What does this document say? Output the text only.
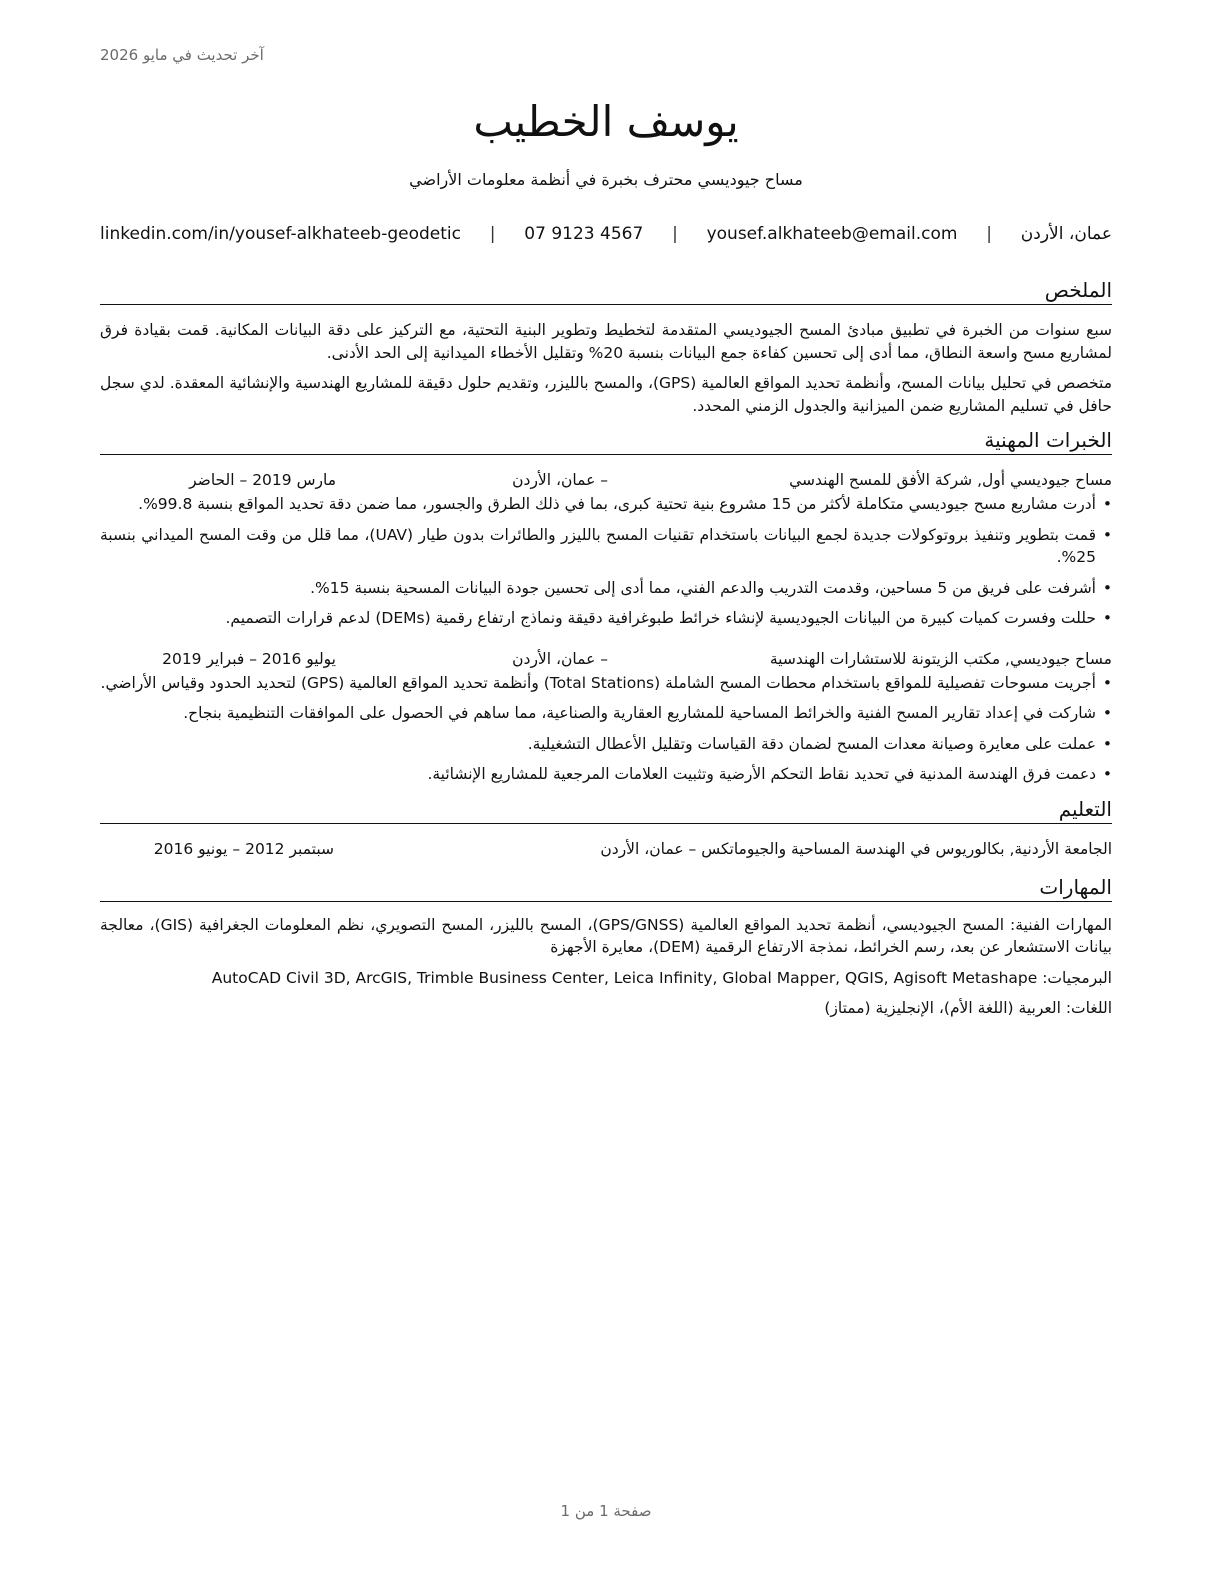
آخر تحديث في مايو 2026
يوسف الخطيب
مساح جيوديسي محترف بخبرة في أنظمة معلومات الأراضي
عمان، الأردن
|
yousef.alkhateeb@email.com
|
07 9123 4567
|
linkedin.com/in/yousef-alkhateeb-geodetic
الملخص

سبع سنوات من الخبرة في تطبيق مبادئ المسح الجيوديسي المتقدمة لتخطيط وتطوير البنية التحتية، مع التركيز على دقة البيانات المكانية. قمت بقيادة فرق لمشاريع مسح واسعة النطاق، مما أدى إلى تحسين كفاءة جمع البيانات بنسبة 20% وتقليل الأخطاء الميدانية إلى الحد الأدنى.

متخصص في تحليل بيانات المسح، وأنظمة تحديد المواقع العالمية (GPS)، والمسح بالليزر، وتقديم حلول دقيقة للمشاريع الهندسية والإنشائية المعقدة. لدي سجل حافل في تسليم المشاريع ضمن الميزانية والجدول الزمني المحدد.

الخبرات المهنية
مساح جيوديسي أول, شركة الأفق للمسح الهندسي
– عمان، الأردن
مارس 2019 – الحاضر
• أدرت مشاريع مسح جيوديسي متكاملة لأكثر من 15 مشروع بنية تحتية كبرى، بما في ذلك الطرق والجسور، مما ضمن دقة تحديد المواقع بنسبة 99.8%.
• قمت بتطوير وتنفيذ بروتوكولات جديدة لجمع البيانات باستخدام تقنيات المسح بالليزر والطائرات بدون طيار (UAV)، مما قلل من وقت المسح الميداني بنسبة 25%.
• أشرفت على فريق من 5 مساحين، وقدمت التدريب والدعم الفني، مما أدى إلى تحسين جودة البيانات المسحية بنسبة 15%.
• حللت وفسرت كميات كبيرة من البيانات الجيوديسية لإنشاء خرائط طبوغرافية دقيقة ونماذج ارتفاع رقمية (DEMs) لدعم قرارات التصميم.
مساح جيوديسي, مكتب الزيتونة للاستشارات الهندسية
– عمان، الأردن
يوليو 2016 – فبراير 2019
• أجريت مسوحات تفصيلية للمواقع باستخدام محطات المسح الشاملة (Total Stations) وأنظمة تحديد المواقع العالمية (GPS) لتحديد الحدود وقياس الأراضي.
• شاركت في إعداد تقارير المسح الفنية والخرائط المساحية للمشاريع العقارية والصناعية، مما ساهم في الحصول على الموافقات التنظيمية بنجاح.
• عملت على معايرة وصيانة معدات المسح لضمان دقة القياسات وتقليل الأعطال التشغيلية.
• دعمت فرق الهندسة المدنية في تحديد نقاط التحكم الأرضية وتثبيت العلامات المرجعية للمشاريع الإنشائية.
التعليم
الجامعة الأردنية, بكالوريوس في الهندسة المساحية والجيوماتكس – عمان، الأردن
سبتمبر 2012 – يونيو 2016
المهارات
المهارات الفنية: المسح الجيوديسي، أنظمة تحديد المواقع العالمية (GPS/GNSS)، المسح بالليزر، المسح التصويري، نظم المعلومات الجغرافية (GIS)، معالجة بيانات الاستشعار عن بعد، رسم الخرائط، نمذجة الارتفاع الرقمية (DEM)، معايرة الأجهزة
البرمجيات: AutoCAD Civil 3D, ArcGIS, Trimble Business Center, Leica Infinity, Global Mapper, QGIS, Agisoft Metashape
اللغات: العربية (اللغة الأم)، الإنجليزية (ممتاز)
صفحة 1 من 1
